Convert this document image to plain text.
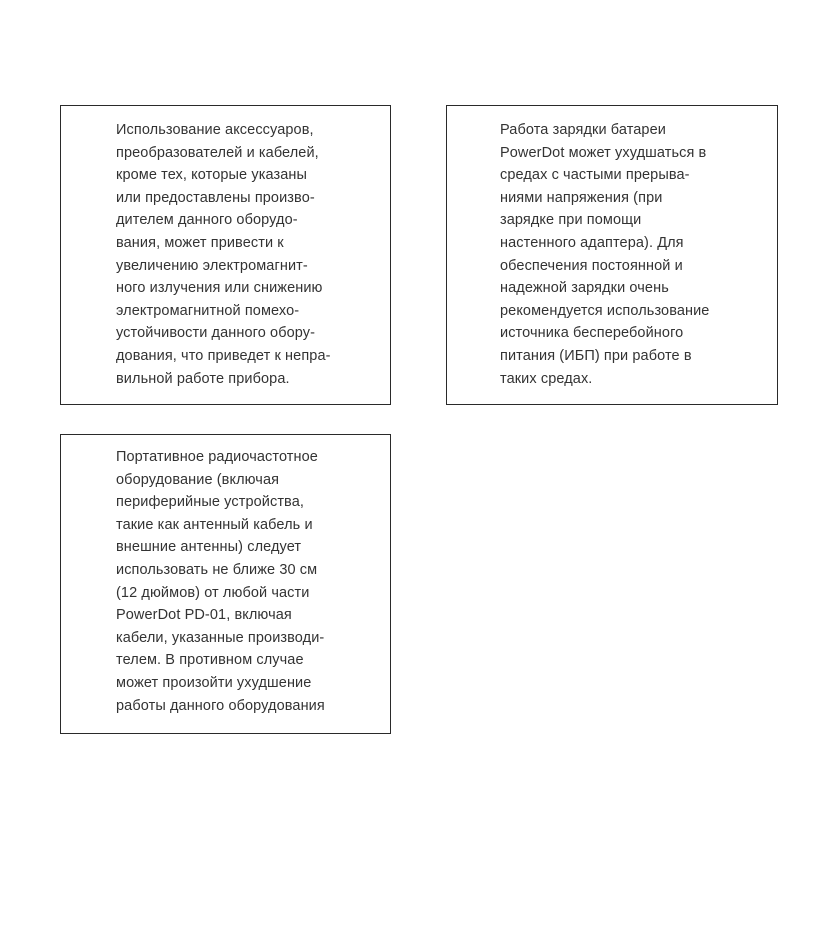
Использование аксессуаров,
преобразователей и кабелей,
кроме тех, которые указаны
или предоставлены произво-
дителем данного оборудо-
вания, может привести к
увеличению электромагнит-
ного излучения или снижению
электромагнитной помехо-
устойчивости данного обору-
дования, что приведет к непра-
вильной работе прибора.

Работа зарядки батареи
PowerDot может ухудшаться в
средах с частыми прерыва-
ниями напряжения (при
зарядке при помощи
настенного адаптера). Для
обеспечения постоянной и
надежной зарядки очень
рекомендуется использование
источника бесперебойного
питания (ИБП) при работе в
таких средах.

Портативное радиочастотное
оборудование (включая
периферийные устройства,
такие как антенный кабель и
внешние антенны) следует
использовать не ближе 30 см
(12 дюймов) от любой части
PowerDot PD-01, включая
кабели, указанные производи-
телем. В противном случае
может произойти ухудшение
работы данного оборудования
